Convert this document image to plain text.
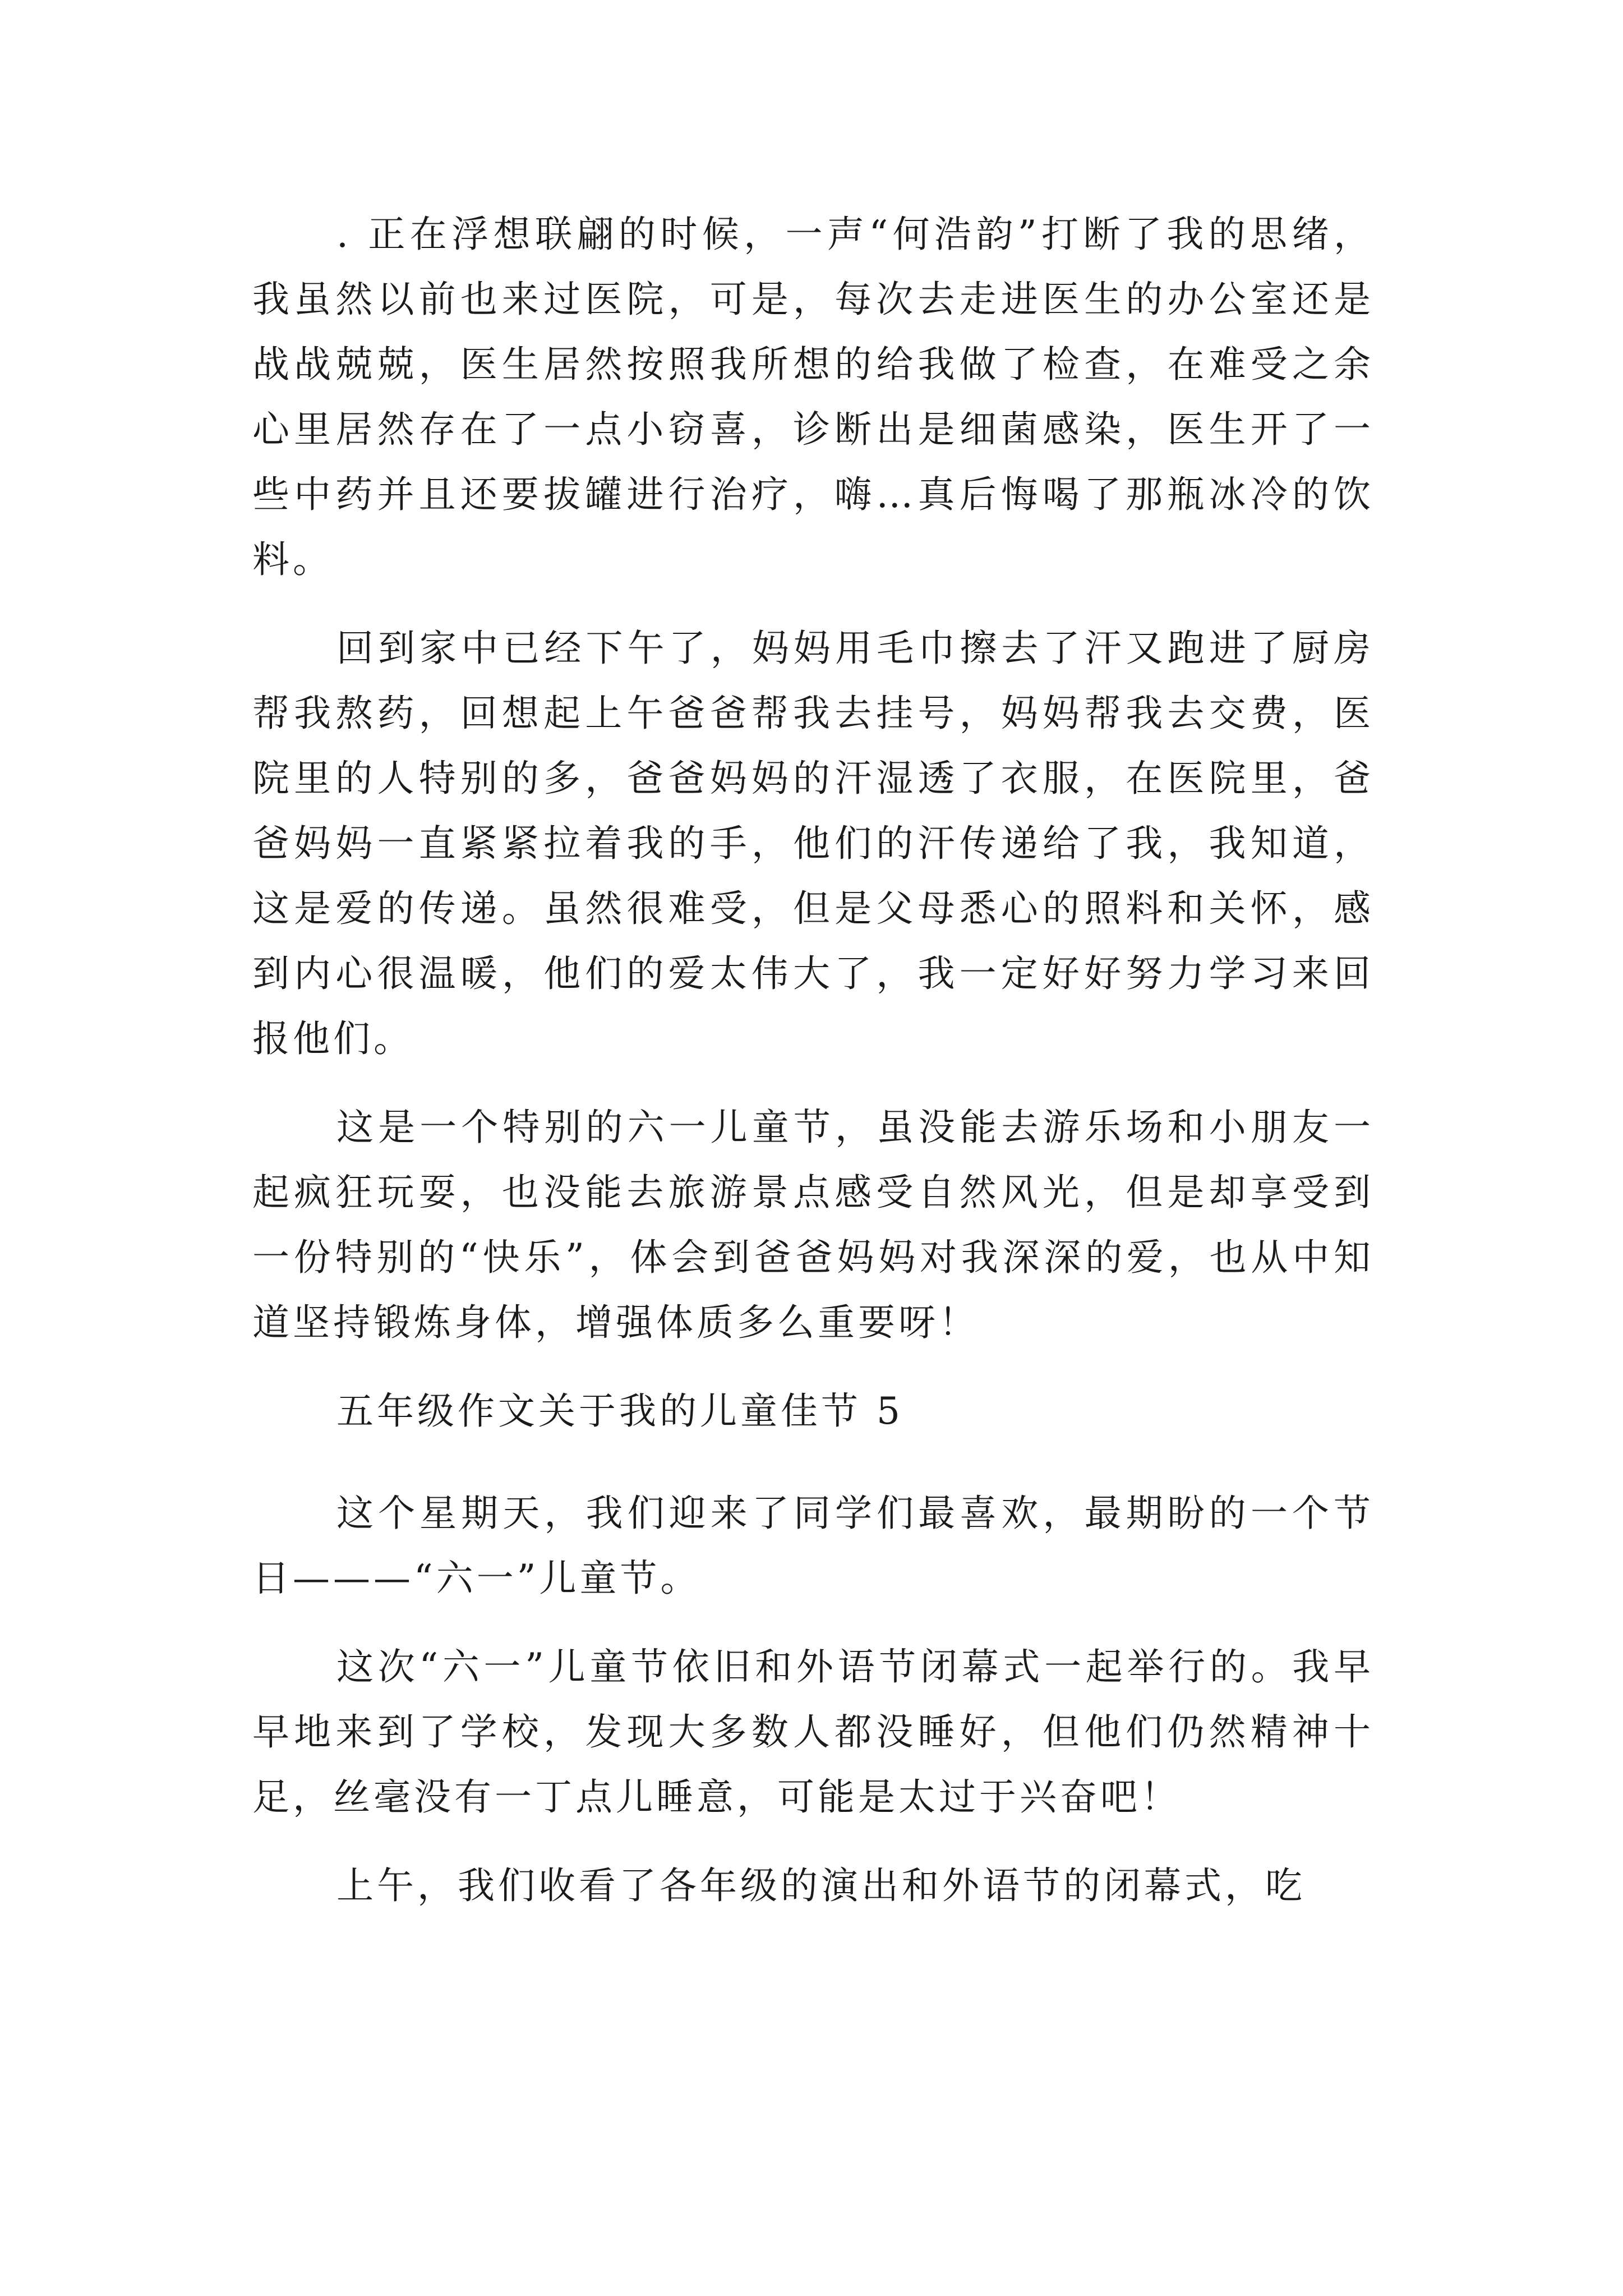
. 正在浮想联翩的时候，一声“何浩韵”打断了我的思绪，我虽然以前也来过医院，可是，每次去走进医生的办公室还是战战兢兢，医生居然按照我所想的给我做了检查，在难受之余心里居然存在了一点小窃喜，诊断出是细菌感染，医生开了一些中药并且还要拔罐进行治疗，嗨…真后悔喝了那瓶冰冷的饮料。

回到家中已经下午了，妈妈用毛巾擦去了汗又跑进了厨房帮我熬药，回想起上午爸爸帮我去挂号，妈妈帮我去交费，医院里的人特别的多，爸爸妈妈的汗湿透了衣服，在医院里，爸爸妈妈一直紧紧拉着我的手，他们的汗传递给了我，我知道，这是爱的传递。虽然很难受，但是父母悉心的照料和关怀，感到内心很温暖，他们的爱太伟大了，我一定好好努力学习来回报他们。

这是一个特别的六一儿童节，虽没能去游乐场和小朋友一起疯狂玩耍，也没能去旅游景点感受自然风光，但是却享受到一份特别的“快乐”，体会到爸爸妈妈对我深深的爱，也从中知道坚持锻炼身体，增强体质多么重要呀！

五年级作文关于我的儿童佳节 5

这个星期天，我们迎来了同学们最喜欢，最期盼的一个节日———“六一”儿童节。

这次“六一”儿童节依旧和外语节闭幕式一起举行的。我早早地来到了学校，发现大多数人都没睡好，但他们仍然精神十足，丝毫没有一丁点儿睡意，可能是太过于兴奋吧！

上午，我们收看了各年级的演出和外语节的闭幕式，吃
